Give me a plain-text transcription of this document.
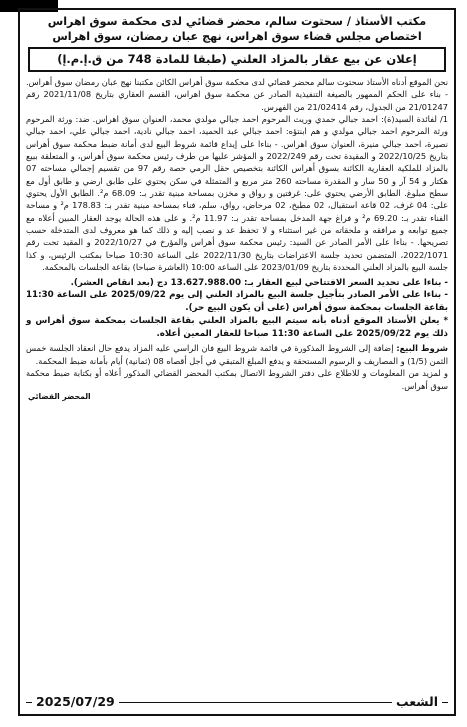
مكتب الأستاذ / سحتوت سالم، محضر قضائي لدى محكمة سوق اهراس
اختصاص مجلس قضاء سوق اهراس، نهج عبان رمضان، سوق اهراس
إعلان عن بيع عقار بالمزاد العلني (طبقا للمادة 748 من ق.إ.م.إ)

نحن الموقع أدناه الأستاذ سحتوت سالم محضر قضائي لدى محكمة سوق أهراس الكائن مكتبنا نهج عبان رمضان سوق أهراس.

- بناء على الحكم الممهور بالصيغة التنفيذية الصادر عن محكمة سوق اهراس، القسم العقاري بتاريخ 2021/11/08 رقم 21/01247 من الجدول، رقم 21/02414 من الفهرس.

1/ لفائدة السيد(ة): احمد جبالي حمدي وريث المرحوم احمد جبالي مولدي محمد، العنوان سوق اهراس. ضد: ورثة المرحوم ورثة المرحوم احمد جبالي مولدي و هم ابنتؤه: احمد جبالي عبد الحميد، احمد جبالي نادية، احمد جبالي علي، احمد جبالي نصيرة، احمد جبالي منيرة، العنوان سوق اهراس. - بناءا على إيداع قائمة شروط البيع لدى أمانة ضبط محكمة سوق أهراس بتاريخ 2022/10/25 و المقيدة تحت رقم 2022/249 و المؤشر عليها من طرف رئيس محكمة سوق أهراس، و المتعلقة ببيع بالمزاد للملكية العقارية الكائنة بسوق أهراس الكائنة بتخصيص حقل الرمي حصة رقم 97 من تقسيم إجمالي مساحته 07 هكتار و 54 آر و 50 سار و المقدرة مساحته 260 متر مربع و المتمثلة في سكن يحتوي على طابق ارضي و طابق أول مع سطح مبلوغ. الطابق الأرضي يحتوي على: غرفتين و رواق و مخزن بمساحة مبنية تقدر بـ: 68.09 م². الطابق الأول يحتوي على: 04 غرف، 02 قاعة استقبال، 02 مطبخ، 02 مرحاض، رواق، سلم، فناء بمساحة مبنية تقدر بـ: 178.83 م² و مساحة الفناء تقدر بـ: 69.20 م² و فراغ جهة المدخل بمساحة تقدر بـ: 11.97 م². و على هذه الحالة يوجد العقار المبين أعلاه مع جميع توابعه و مرافقه و ملحقاته من غير استثناء و لا تحفظ عد و نصب إليه و ذلك كما هو معروف لدى المتدخلة حسب تصريحها. - بناءا على الأمر الصادر عن السيد: رئيس محكمة سوق أهراس والمؤرخ في 2022/10/27 و المقيد تحت رقم 2022/1071، المتضمن تحديد جلسة الاعتراضات بتاريخ 2022/11/30 على الساعة 10:30 صباحا بمكتب الرئيس، و كذا جلسة البيع بالمزاد العلني المحددة بتاريخ 2023/01/09 على الساعة 10:00 (العاشرة صباحا) بقاعة الجلسات بالمحكمة.

- بناءا على تحديد السعر الافتتاحي لبيع العقار بـ: 13.627.988.00 دج (بعد انقاص العشر).

- بناءا على الأمر الصادر بتأجيل جلسة البيع بالمزاد العلني إلى يوم 2025/09/22 على الساعة 11:30 بقاعة الجلسات بمحكمة سوق أهراس (على أن يكون البيع حر).

* يعلن الأستاذ الموقع أدناه بأنه سيتم البيع بالمزاد العلني بقاعة الجلسات بمحكمة سوق أهراس و ذلك يوم 2025/09/22 على الساعة 11:30 صباحا للعقار المعين أعلاه.

شروط البيع: إضافة إلى الشروط المذكورة في قائمة شروط البيع فان الراسي عليه المزاد يدفع حال انعقاد الجلسة خمس الثمن (1/5) و المصاريف و الرسوم المستحقة و يدفع المبلغ المتبقي في أجل أقصاه 08 (ثمانية) أيام بأمانة ضبط المحكمة.

و لمزيد من المعلومات و للاطلاع على دفتر الشروط الاتصال بمكتب المحضر القضائي المذكور أعلاه أو بكتابة ضبط محكمة سوق أهراس.

المحضر القضائي
2025/07/29	الشعب
